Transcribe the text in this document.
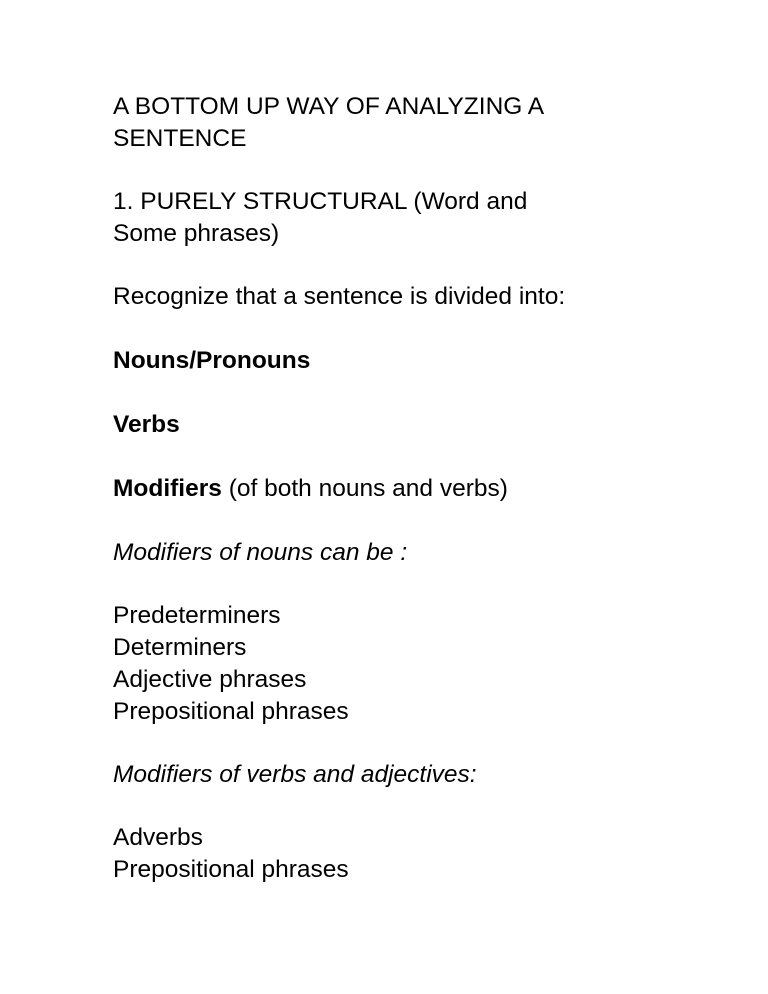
A BOTTOM UP WAY OF ANALYZING A
SENTENCE
1. PURELY STRUCTURAL (Word and
Some phrases)
Recognize that a sentence is divided into:
Nouns/Pronouns
Verbs
Modifiers (of both nouns and verbs)
Modifiers of nouns can be :
Predeterminers
Determiners
Adjective phrases
Prepositional phrases
Modifiers of verbs and adjectives:
Adverbs
Prepositional phrases
